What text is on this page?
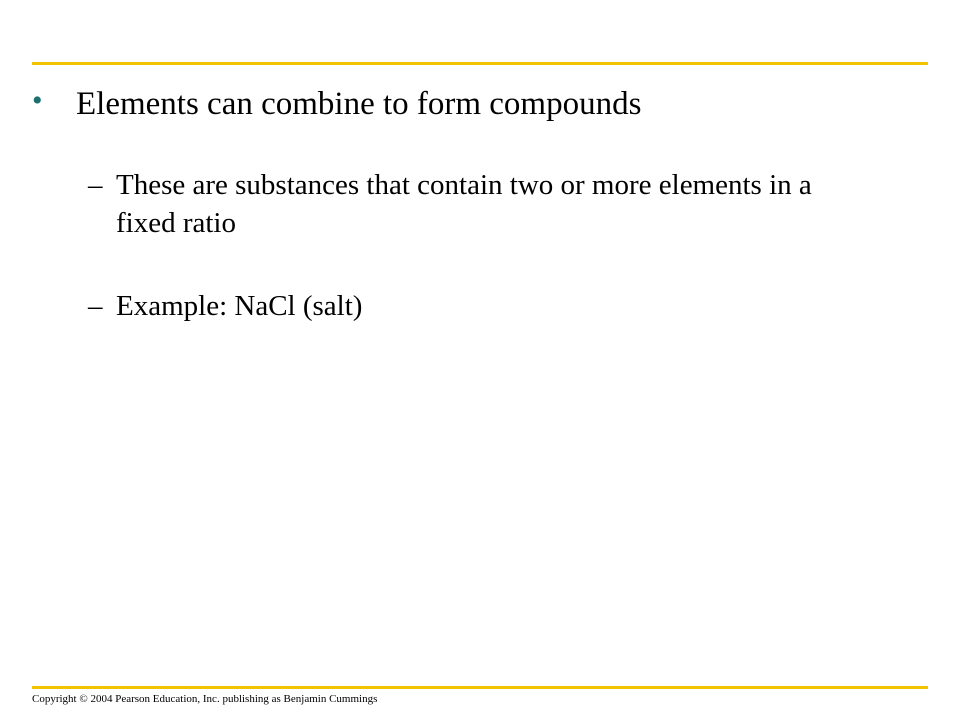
•	Elements can combine to form compounds
– These are substances that contain two or more elements in a fixed ratio
– Example: NaCl (salt)
Copyright © 2004 Pearson Education, Inc. publishing as Benjamin Cummings
